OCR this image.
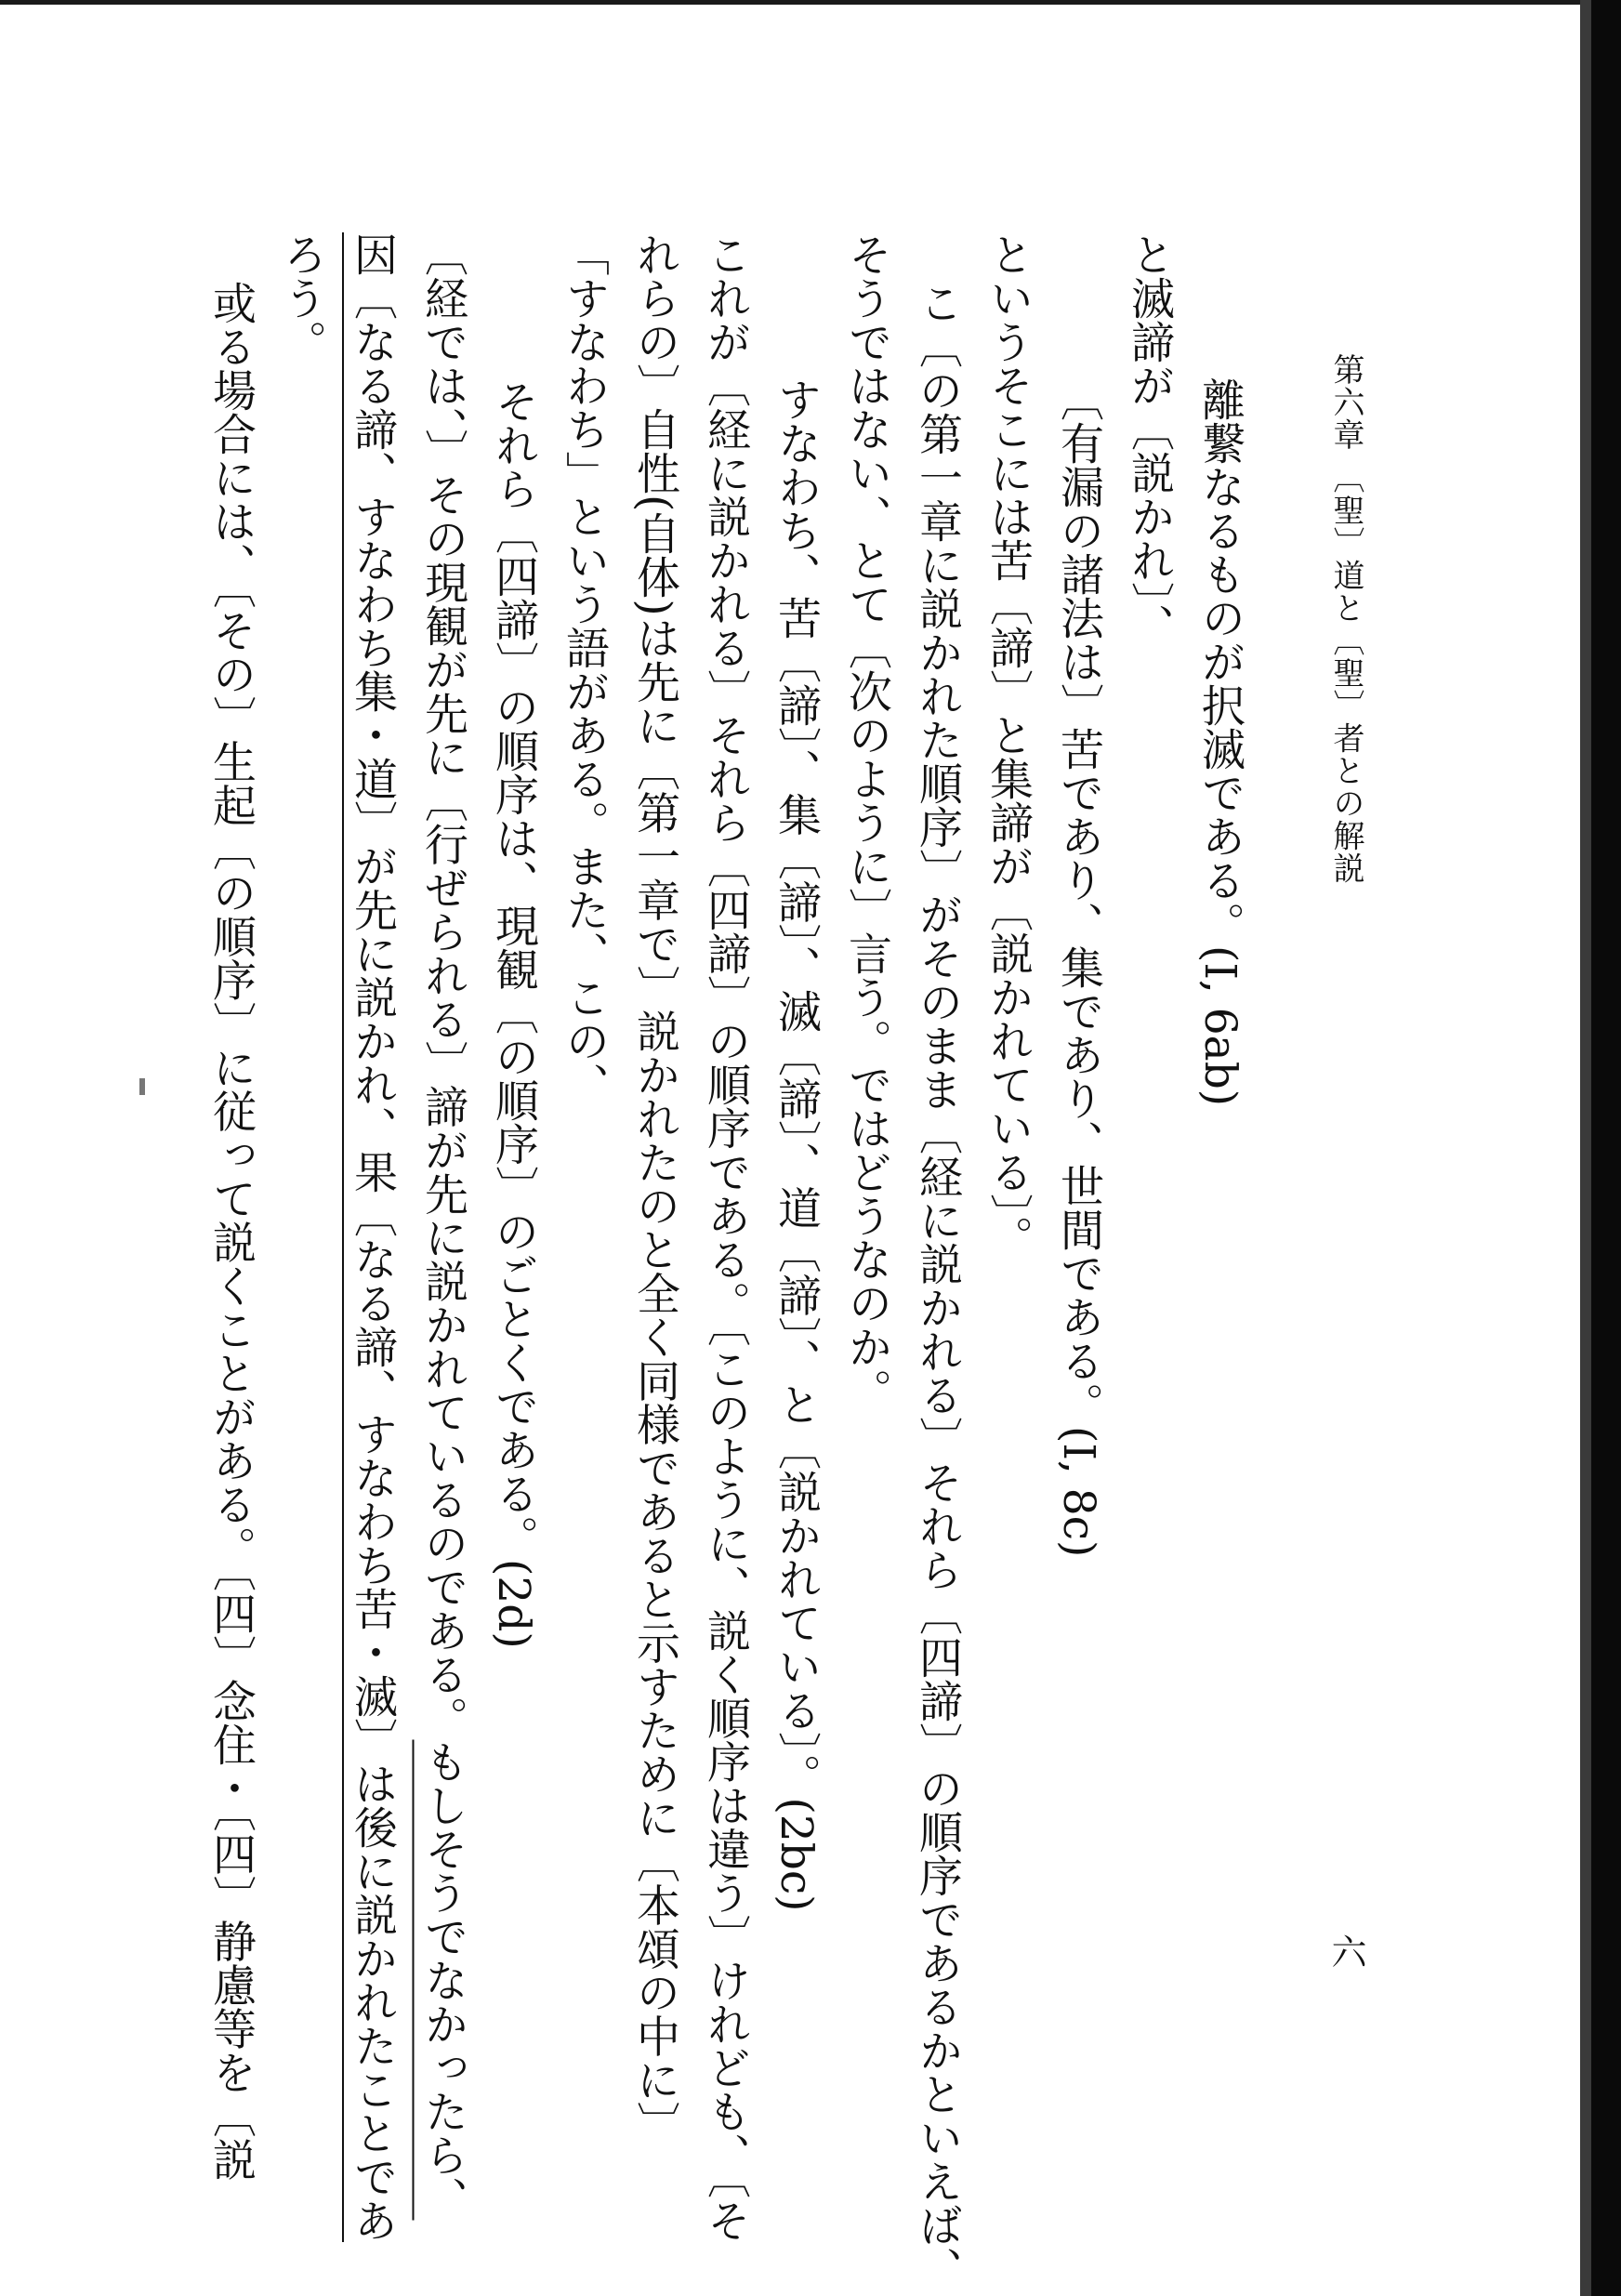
第六章 〔聖〕道と〔聖〕者との解説
六
離繋なるものが択滅である。(I, 6ab)
と滅諦が〔説かれ〕、
〔有漏の諸法は〕苦であり、集であり、世間である。(I, 8c)
というそこには苦〔諦〕と集諦が〔説かれている〕。
こ〔の第一章に説かれた順序〕がそのまま〔経に説かれる〕それら〔四諦〕の順序であるかといえば、
そうではない、とて〔次のように〕言う。ではどうなのか。
すなわち、苦〔諦〕、集〔諦〕、滅〔諦〕、道〔諦〕、と〔説かれている〕。(2bc)
これが〔経に説かれる〕それら〔四諦〕の順序である。〔このように、説く順序は違う〕けれども、〔そ
れらの〕自性(自体)は先に〔第一章で〕説かれたのと全く同様であると示すために〔本頌の中に〕
「すなわち」という語がある。また、この、
それら〔四諦〕の順序は、現観〔の順序〕のごとくである。(2d)
〔経では、〕その現観が先に〔行ぜられる〕諦が先に説かれているのである。もしそうでなかったら、
因〔なる諦、すなわち集・道〕が先に説かれ、果〔なる諦、すなわち苦・滅〕は後に説かれたことであ
ろう。
或る場合には、〔その〕生起〔の順序〕に従って説くことがある。〔四〕念住・〔四〕静慮等を〔説
